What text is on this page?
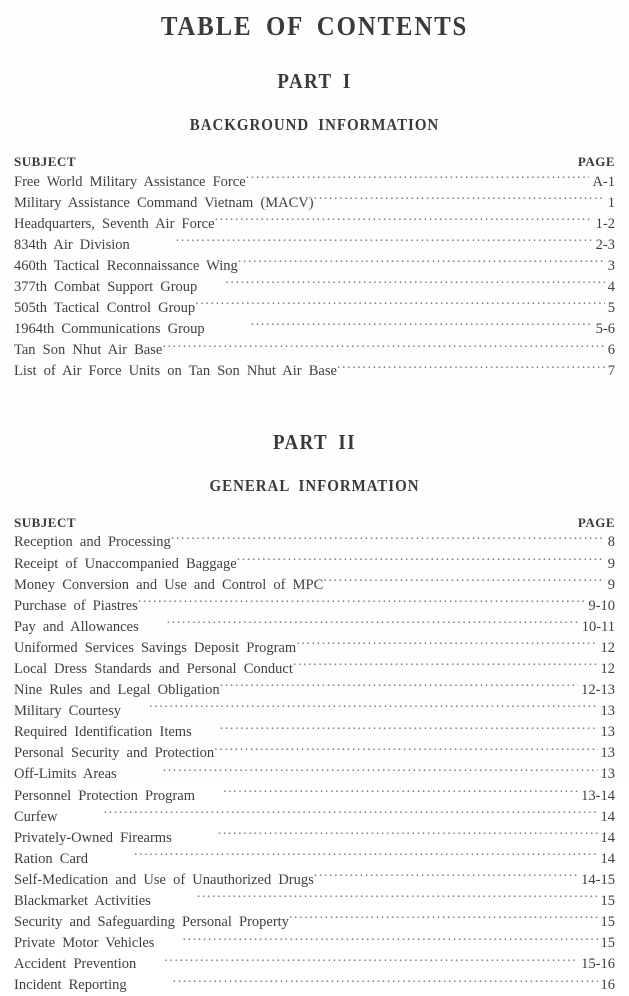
TABLE OF CONTENTS
PART I
BACKGROUND INFORMATION
SUBJECT	PAGE
Free World Military Assistance Force .....	A-1
Military Assistance Command Vietnam (MACV) .....	1
Headquarters, Seventh Air Force .....	1-2
834th Air Division .....	2-3
460th Tactical Reconnaissance Wing .....	3
377th Combat Support Group .....	4
505th Tactical Control Group .....	5
1964th Communications Group .....	5-6
Tan Son Nhut Air Base .....	6
List of Air Force Units on Tan Son Nhut Air Base .....	7
PART II
GENERAL INFORMATION
SUBJECT	PAGE
Reception and Processing .....	8
Receipt of Unaccompanied Baggage .....	9
Money Conversion and Use and Control of MPC .....	9
Purchase of Piastres .....	9-10
Pay and Allowances .....	10-11
Uniformed Services Savings Deposit Program .....	12
Local Dress Standards and Personal Conduct .....	12
Nine Rules and Legal Obligation .....	12-13
Military Courtesy .....	13
Required Identification Items .....	13
Personal Security and Protection .....	13
Off-Limits Areas .....	13
Personnel Protection Program .....	13-14
Curfew .....	14
Privately-Owned Firearms .....	14
Ration Card .....	14
Self-Medication and Use of Unauthorized Drugs .....	14-15
Blackmarket Activities .....	15
Security and Safeguarding Personal Property .....	15
Private Motor Vehicles .....	15
Accident Prevention .....	15-16
Incident Reporting .....	16
